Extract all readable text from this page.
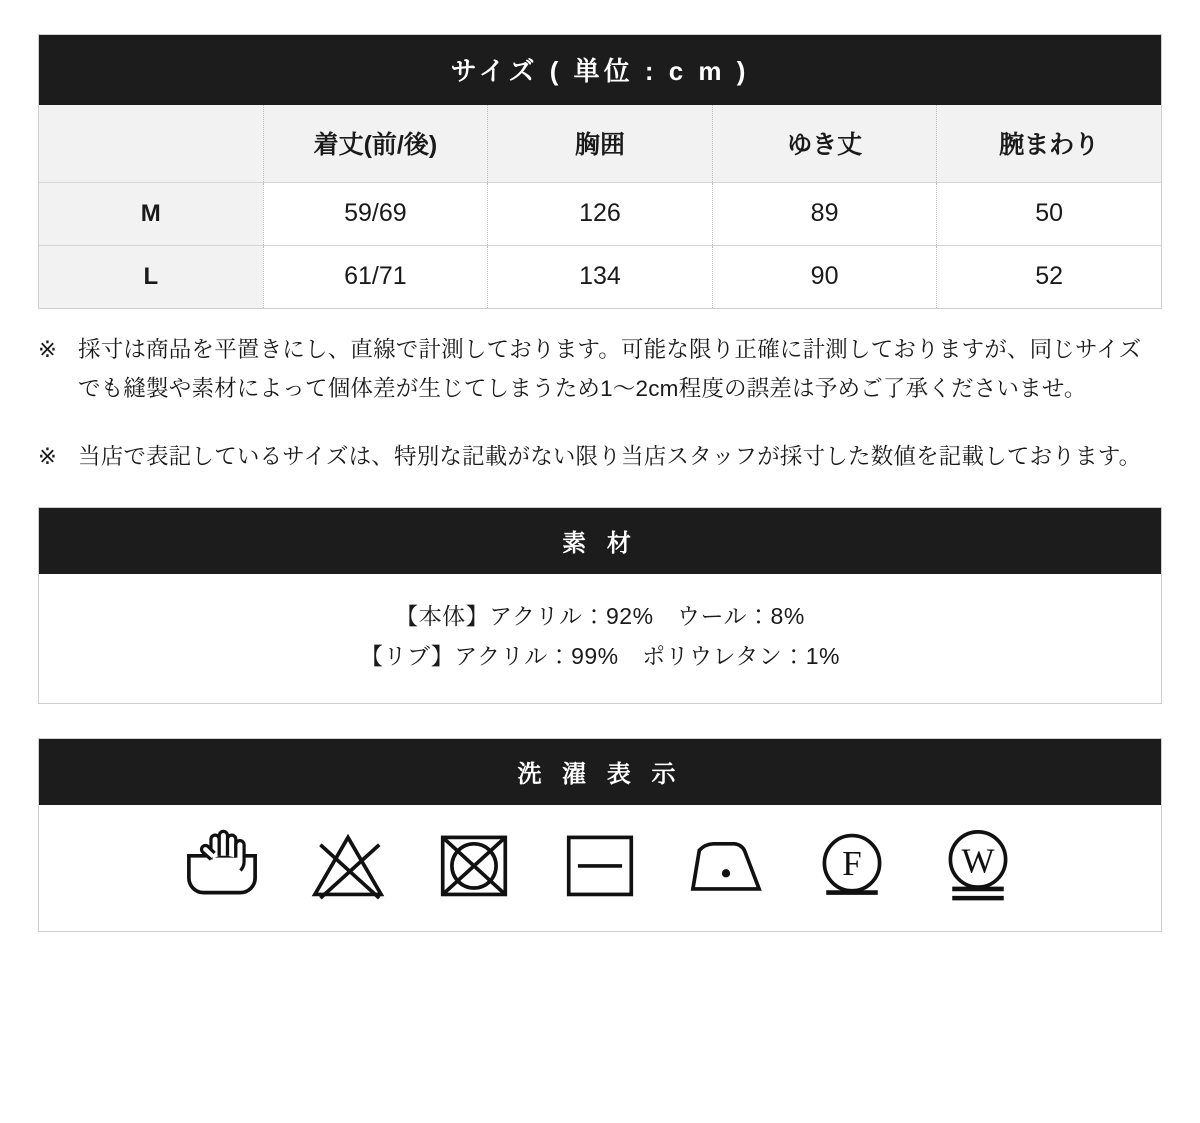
サイズ ( 単位 : c m )				
	着丈(前/後)	胸囲	ゆき丈	腕まわり
M	59/69	126	89	50
L	61/71	134	90	52
※ 採寸は商品を平置きにし、直線で計測しております。可能な限り正確に計測しておりますが、同じサイズでも縫製や素材によって個体差が生じてしまうため1〜2cm程度の誤差は予めご了承くださいませ。
※ 当店で表記しているサイズは、特別な記載がない限り当店スタッフが採寸した数値を記載しております。
素 材
【本体】アクリル：92%　ウール：8%
【リブ】アクリル：99%　ポリウレタン：1%
洗 濯 表 示
F	W
